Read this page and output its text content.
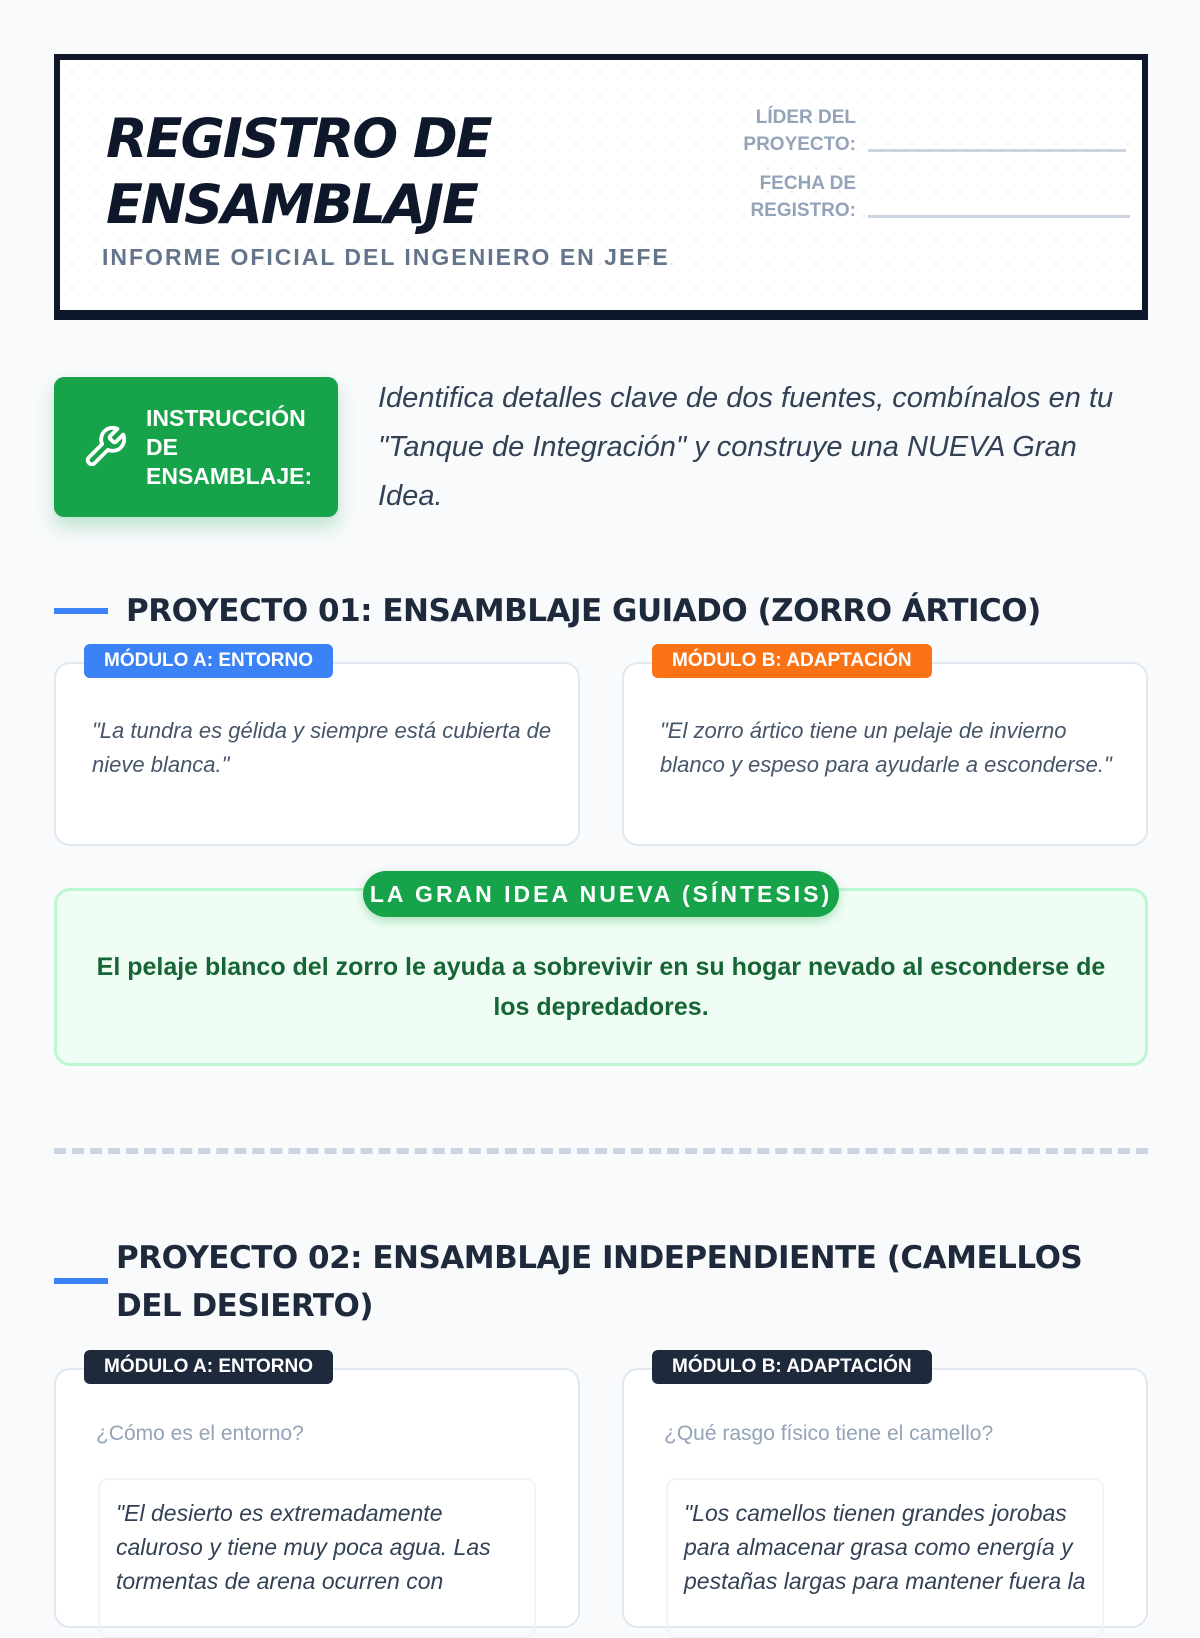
REGISTRO DE ENSAMBLAJE
INFORME OFICIAL DEL INGENIERO EN JEFE
LÍDER DEL PROYECTO:
FECHA DE REGISTRO:
INSTRUCCIÓN DE ENSAMBLAJE:
Identifica detalles clave de dos fuentes, combínalos en tu "Tanque de Integración" y construye una NUEVA Gran Idea.
PROYECTO 01: ENSAMBLAJE GUIADO (ZORRO ÁRTICO)
MÓDULO A: ENTORNO
"La tundra es gélida y siempre está cubierta de nieve blanca."
MÓDULO B: ADAPTACIÓN
"El zorro ártico tiene un pelaje de invierno blanco y espeso para ayudarle a esconderse."
LA GRAN IDEA NUEVA (SÍNTESIS)
El pelaje blanco del zorro le ayuda a sobrevivir en su hogar nevado al esconderse de los depredadores.
PROYECTO 02: ENSAMBLAJE INDEPENDIENTE (CAMELLOS DEL DESIERTO)
MÓDULO A: ENTORNO
¿Cómo es el entorno?
"El desierto es extremadamente caluroso y tiene muy poca agua. Las tormentas de arena ocurren con
MÓDULO B: ADAPTACIÓN
¿Qué rasgo físico tiene el camello?
"Los camellos tienen grandes jorobas para almacenar grasa como energía y pestañas largas para mantener fuera la
